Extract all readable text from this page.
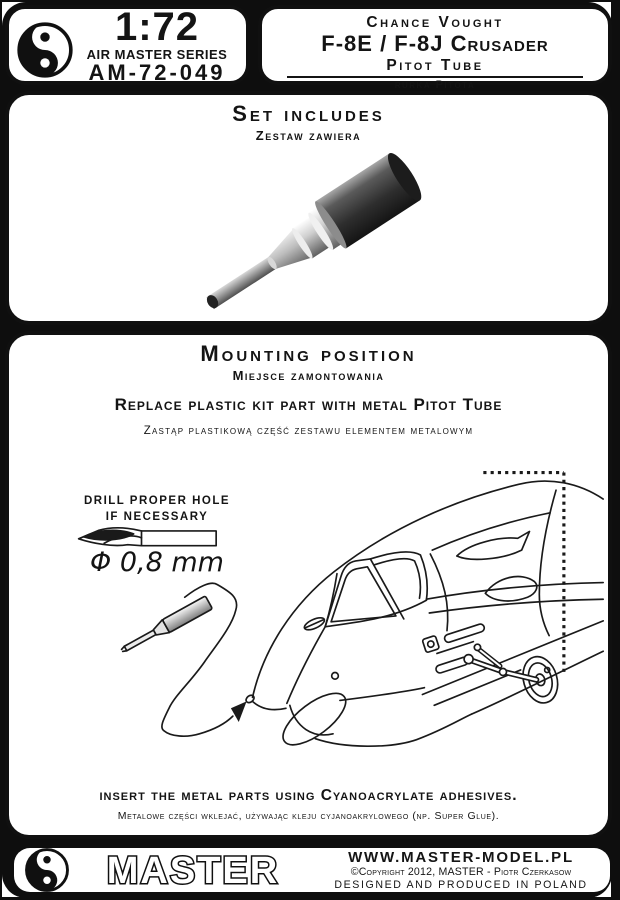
1:72
AIR MASTER SERIES
AM-72-049
Chance Vought
F-8E / F-8J Crusader
Pitot Tube
rurka Pitota
Set includes
Zestaw zawiera
Mounting position
Miejsce zamontowania
Replace plastic kit part with metal Pitot Tube
Zastąp plastikową część zestawu elementem metalowym
DRILL PROPER HOLE
IF NECESSARY
Φ 0,8 mm
insert the metal parts using Cyanoacrylate adhesives.
Metalowe części wklejać, używając kleju cyjanoakrylowego (np. Super Glue).
MASTER	WWW.MASTER-MODEL.PL
©Copyright 2012, MASTER - Piotr Czerkasow
DESIGNED AND PRODUCED IN POLAND
